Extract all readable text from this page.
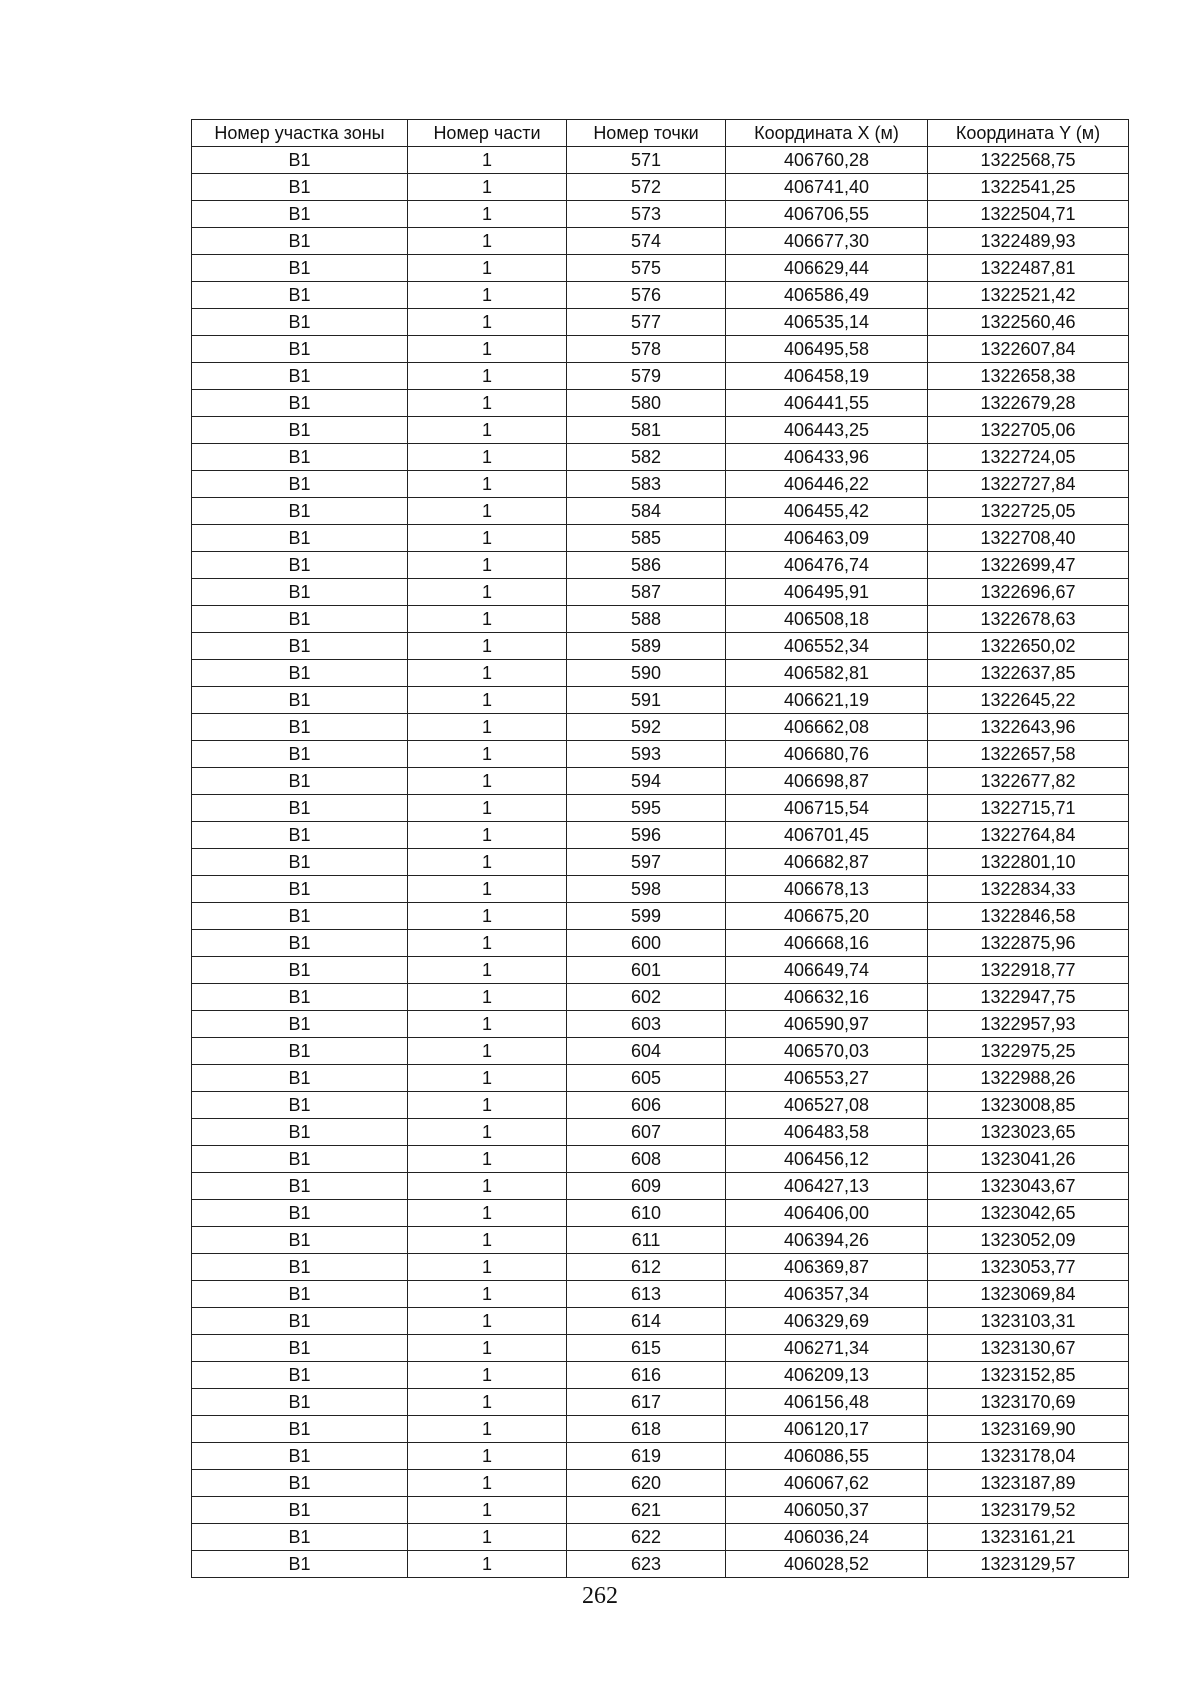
Номер участка зоны	Номер части	Номер точки	Координата X (м)	Координата Y (м)
В1	1	571	406760,28	1322568,75
В1	1	572	406741,40	1322541,25
В1	1	573	406706,55	1322504,71
В1	1	574	406677,30	1322489,93
В1	1	575	406629,44	1322487,81
В1	1	576	406586,49	1322521,42
В1	1	577	406535,14	1322560,46
В1	1	578	406495,58	1322607,84
В1	1	579	406458,19	1322658,38
В1	1	580	406441,55	1322679,28
В1	1	581	406443,25	1322705,06
В1	1	582	406433,96	1322724,05
В1	1	583	406446,22	1322727,84
В1	1	584	406455,42	1322725,05
В1	1	585	406463,09	1322708,40
В1	1	586	406476,74	1322699,47
В1	1	587	406495,91	1322696,67
В1	1	588	406508,18	1322678,63
В1	1	589	406552,34	1322650,02
В1	1	590	406582,81	1322637,85
В1	1	591	406621,19	1322645,22
В1	1	592	406662,08	1322643,96
В1	1	593	406680,76	1322657,58
В1	1	594	406698,87	1322677,82
В1	1	595	406715,54	1322715,71
В1	1	596	406701,45	1322764,84
В1	1	597	406682,87	1322801,10
В1	1	598	406678,13	1322834,33
В1	1	599	406675,20	1322846,58
В1	1	600	406668,16	1322875,96
В1	1	601	406649,74	1322918,77
В1	1	602	406632,16	1322947,75
В1	1	603	406590,97	1322957,93
В1	1	604	406570,03	1322975,25
В1	1	605	406553,27	1322988,26
В1	1	606	406527,08	1323008,85
В1	1	607	406483,58	1323023,65
В1	1	608	406456,12	1323041,26
В1	1	609	406427,13	1323043,67
В1	1	610	406406,00	1323042,65
В1	1	611	406394,26	1323052,09
В1	1	612	406369,87	1323053,77
В1	1	613	406357,34	1323069,84
В1	1	614	406329,69	1323103,31
В1	1	615	406271,34	1323130,67
В1	1	616	406209,13	1323152,85
В1	1	617	406156,48	1323170,69
В1	1	618	406120,17	1323169,90
В1	1	619	406086,55	1323178,04
В1	1	620	406067,62	1323187,89
В1	1	621	406050,37	1323179,52
В1	1	622	406036,24	1323161,21
В1	1	623	406028,52	1323129,57
262
